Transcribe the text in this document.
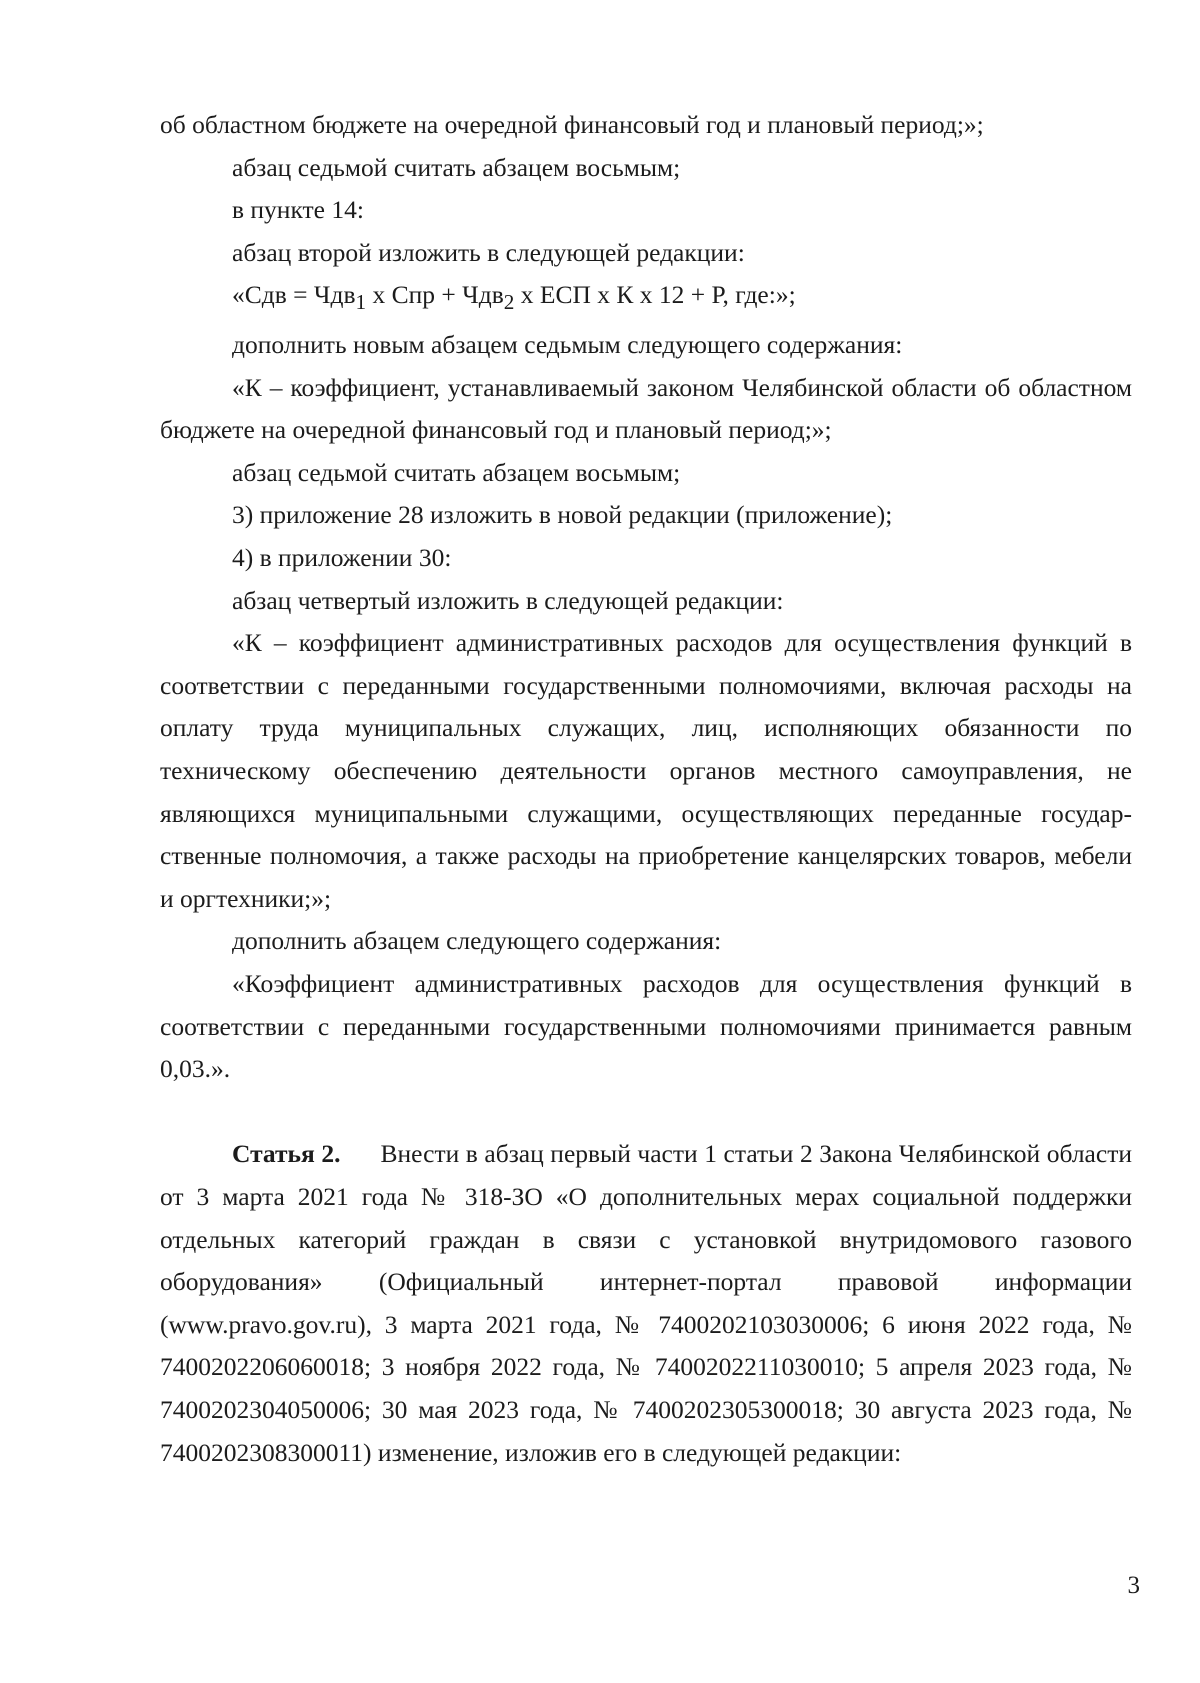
об областном бюджете на очередной финансовый год и плановый период;»;

абзац седьмой считать абзацем восьмым;

в пункте 14:

абзац второй изложить в следующей редакции:

«Сдв = Чдв$_1$ х Спр + Чдв$_2$ х ЕСП х К х 12 + Р, где:»;

дополнить новым абзацем седьмым следующего содержания:

«К – коэффициент, устанавливаемый законом Челябинской области об областном бюджете на очередной финансовый год и плановый период;»;

абзац седьмой считать абзацем восьмым;

3) приложение 28 изложить в новой редакции (приложение);

4) в приложении 30:

абзац четвертый изложить в следующей редакции:

«К – коэффициент административных расходов для осуществления функций в соответствии с переданными государственными полномочиями, включая расходы на оплату труда муниципальных служащих, лиц, исполняющих обязанности по техническому обеспечению деятельности органов местного самоуправления, не являющихся муниципальными служащими, осуществляющих переданные государственные полномочия, а также расходы на приобретение канцелярских товаров, мебели и оргтехники;»;

дополнить абзацем следующего содержания:

«Коэффициент административных расходов для осуществления функций в соответствии с переданными государственными полномочиями принимается равным 0,03.».

Статья 2. Внести в абзац первый части 1 статьи 2 Закона Челябинской области от 3 марта 2021 года № 318-ЗО «О дополнительных мерах социальной поддержки отдельных категорий граждан в связи с установкой внутридомового газового оборудования» (Официальный интернет-портал правовой информации (www.pravo.gov.ru), 3 марта 2021 года, № 7400202103030006; 6 июня 2022 года, № 7400202206060018; 3 ноября 2022 года, № 7400202211030010; 5 апреля 2023 года, № 7400202304050006; 30 мая 2023 года, № 7400202305300018; 30 августа 2023 года, № 7400202308300011) изменение, изложив его в следующей редакции:

3
